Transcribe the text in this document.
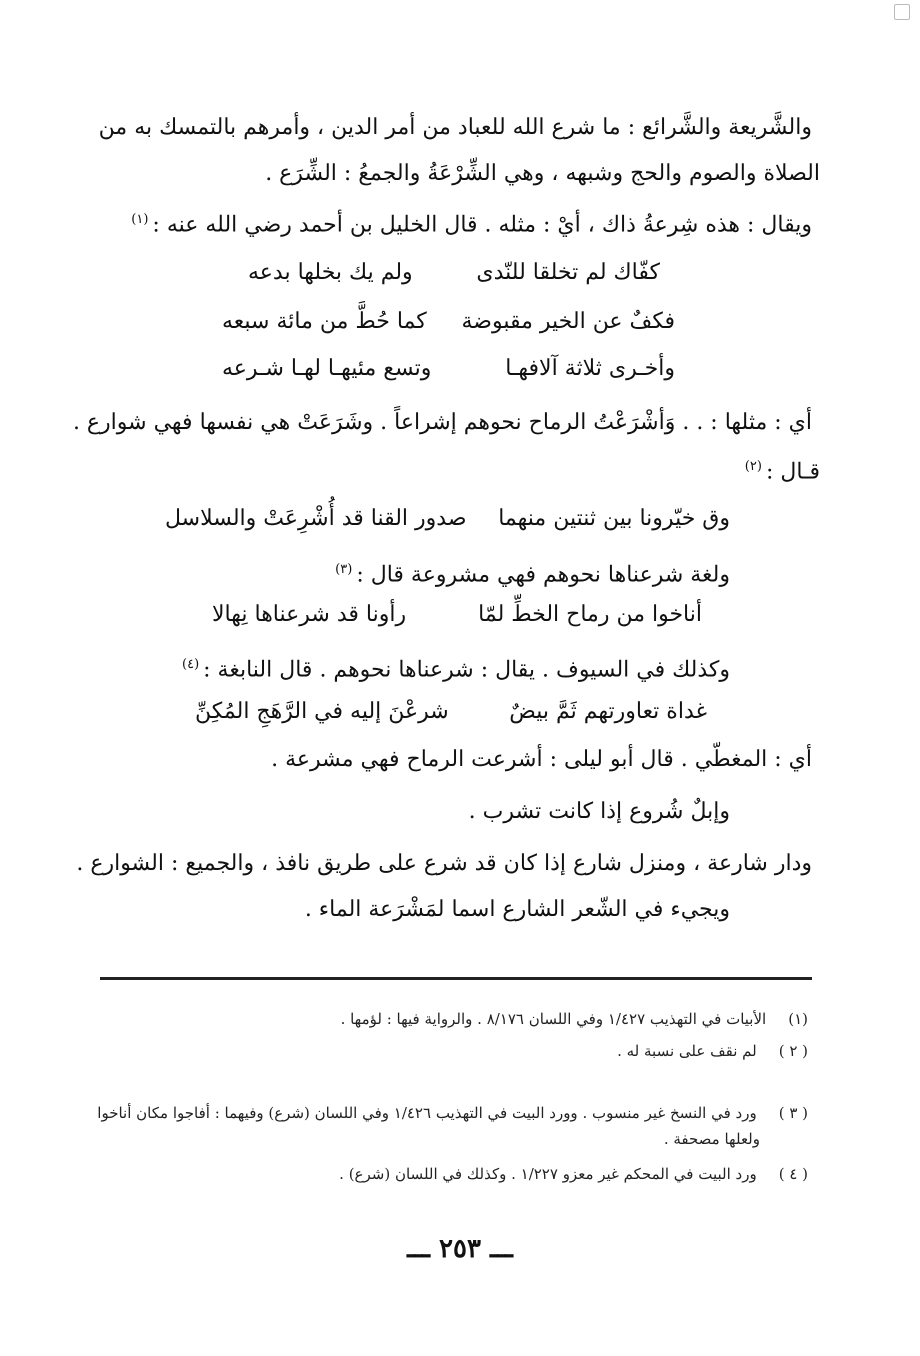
والشَّريعة والشَّرائع : ما شرع الله للعباد من أمر الدين ، وأمرهم بالتمسك به من
الصلاة والصوم والحج وشبهه ، وهي الشِّرْعَةُ والجمعُ : الشِّرَع .
ويقال : هذه شِرعةُ ذاك ، أيْ : مثله . قال الخليل بن أحمد رضي الله عنه :$^{(١)}$
كفّاك لم تخلقا للنّدى
ولم يك بخلها بدعه
فكفٌ عن الخير مقبوضة
كما حُطَّ من مائة سبعه
وأخـرى ثلاثة آلافهـا
وتسع مئيهـا لهـا شـرعه
أي : مثلها : . . وَأشْرَعْتُ الرماح نحوهم إشراعاً . وشَرَعَتْ هي نفسها فهي شوارع .
قـال :$^{(٢)}$
وق خيّرونا بين ثنتين منهما
صدور القنا قد أُشْرِعَتْ والسلاسل
ولغة شرعناها نحوهم فهي مشروعة قال :$^{(٣)}$
أناخوا من رماح الخطِّ لمّا
رأونا قد شرعناها نِهالا
وكذلك في السيوف . يقال : شرعناها نحوهم . قال النابغة :$^{(٤)}$
غداة تعاورتهم ثَمَّ بيضٌ
شرعْنَ إليه في الرَّهَجِ المُكِنِّ
أي : المغطّي . قال أبو ليلى : أشرعت الرماح فهي مشرعة .
وإبلٌ شُروع إذا كانت تشرب .
ودار شارعة ، ومنزل شارع إذا كان قد شرع على طريق نافذ ، والجميع : الشوارع .
ويجيء في الشّعر الشارع اسما لمَشْرَعة الماء .
(١)الأبيات في التهذيب ١/٤٢٧ وفي اللسان ٨/١٧٦ . والرواية فيها : لؤمها .
( ٢ )لم نقف على نسبة له .
( ٣ )ورد في النسخ غير منسوب . وورد البيت في التهذيب ١/٤٢٦ وفي اللسان (شرع) وفيهما : أفاجوا مكان أناخوا
ولعلها مصحفة .
( ٤ )ورد البيت في المحكم غير معزو ١/٢٢٧ . وكذلك في اللسان (شرع) .
ـــ ٢٥٣ ـــ
